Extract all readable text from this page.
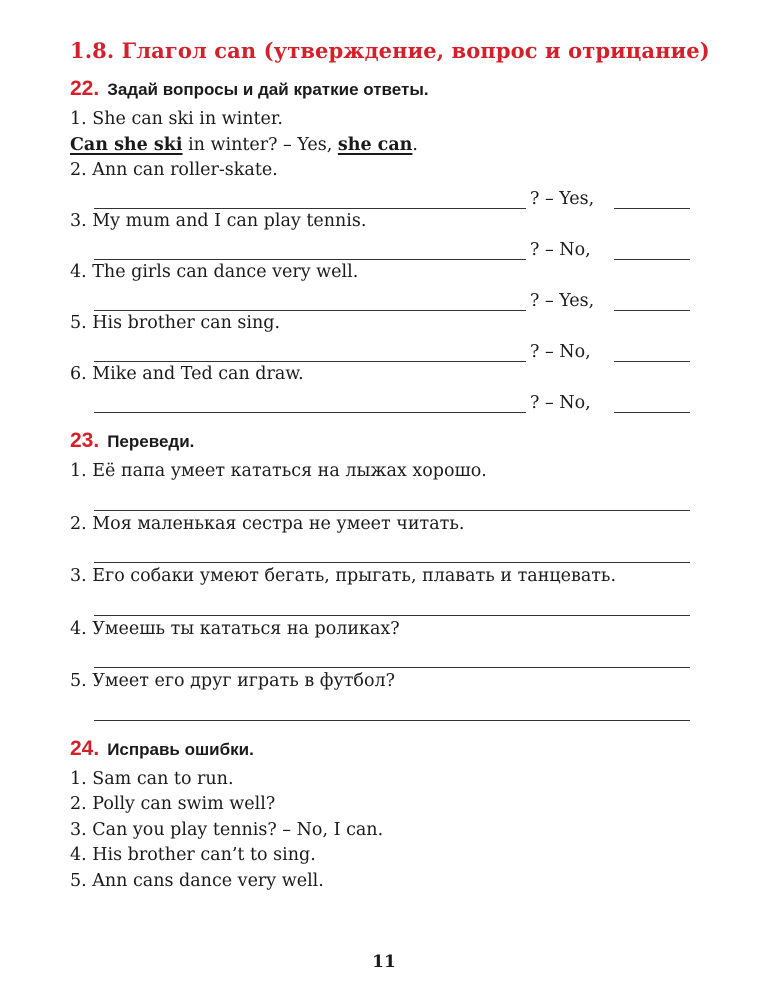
1.8. Глагол can (утверждение, вопрос и отрицание)
22 . Задай вопросы и дай краткие ответы.
1. She can ski in winter.
Can she ski in winter? – Yes, she can.
2. Ann can roller-skate.
? – Yes,
3. My mum and I can play tennis.
? – No,
4. The girls can dance very well.
? – Yes,
5. His brother can sing.
? – No,
6. Mike and Ted can draw.
? – No,
23 . Переведи.
1. Её папа умеет кататься на лыжах хорошо.
2. Моя маленькая сестра не умеет читать.
3. Его собаки умеют бегать, прыгать, плавать и танцевать.
4. Умеешь ты кататься на роликах?
5. Умеет его друг играть в футбол?
24 . Исправь ошибки.
1. Sam can to run.
2. Polly can swim well?
3. Can you play tennis? – No, I can.
4. His brother can’t to sing.
5. Ann cans dance very well.
11
